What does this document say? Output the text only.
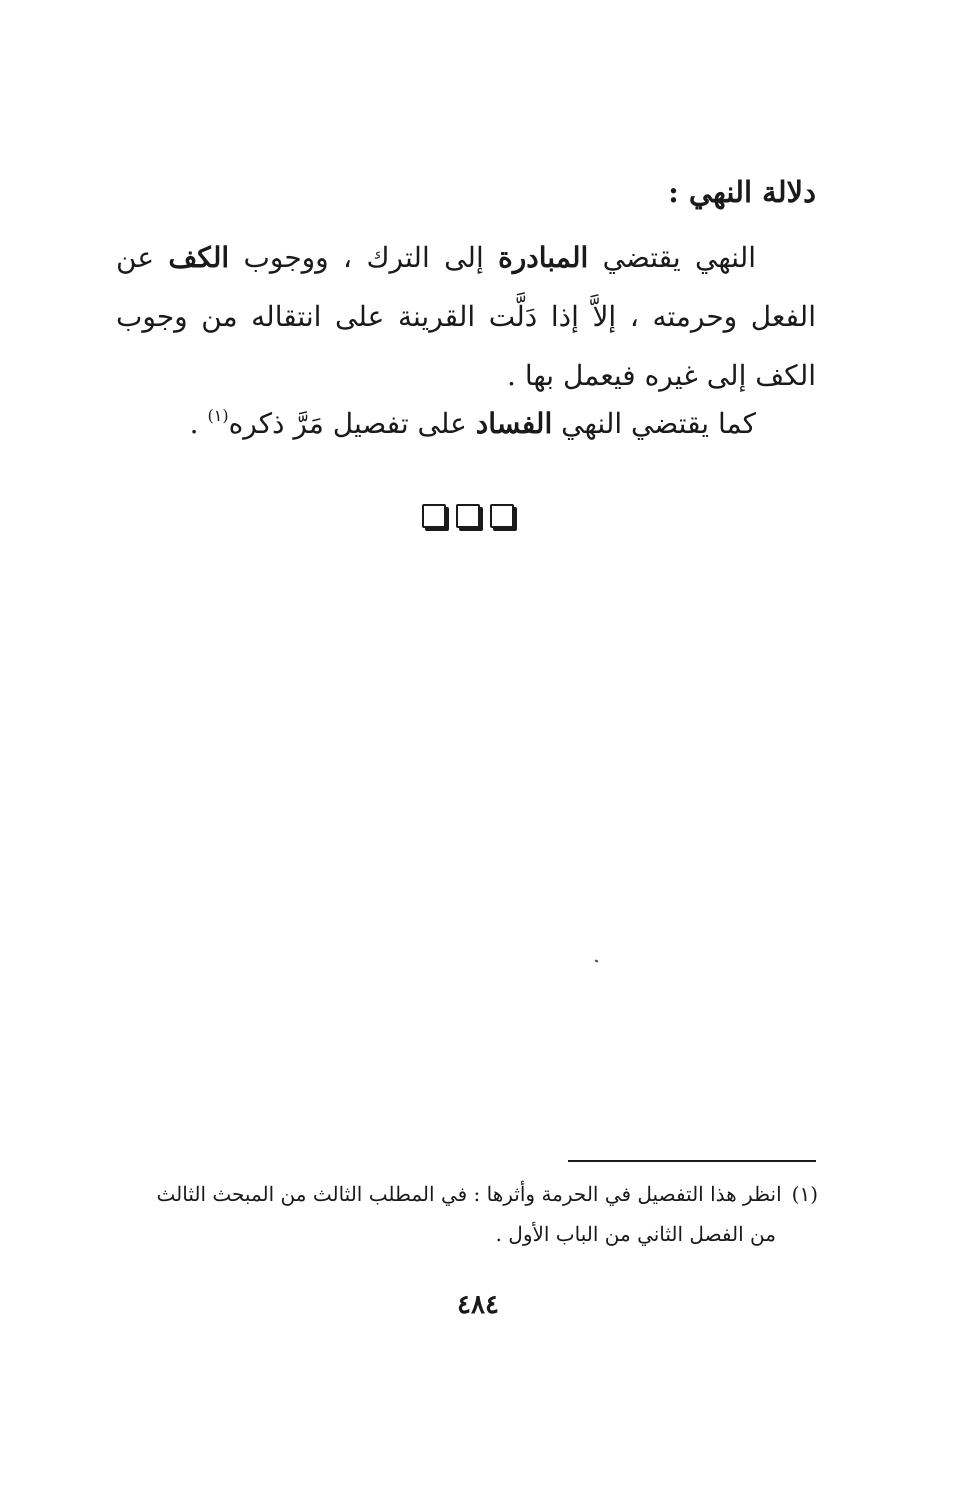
دلالة النهي :
النهي يقتضي المبادرة إلى الترك ، ووجوب الكف عن الفعل وحرمته ، إلاَّ إذا دَلَّت القرينة على انتقاله من وجوب الكف إلى غيره فيعمل بها .
كما يقتضي النهي الفساد على تفصيل مَرَّ ذكره$^{(١)}$ .
(١)انظر هذا التفصيل في الحرمة وأثرها : في المطلب الثالث من المبحث الثالث
من الفصل الثاني من الباب الأول .
٤٨٤
